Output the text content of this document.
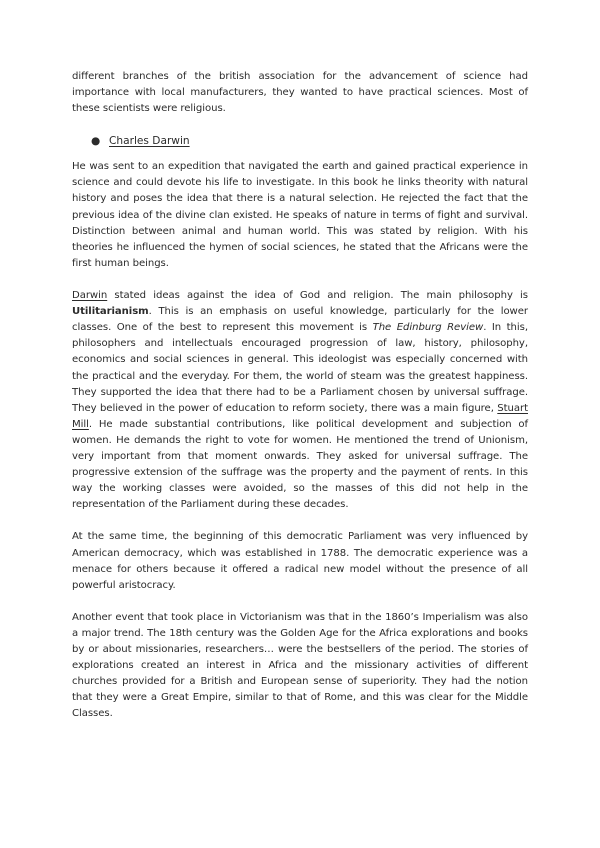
different branches of the british association for the advancement of science had importance with local manufacturers, they wanted to have practical sciences. Most of these scientists were religious.

● Charles Darwin

He was sent to an expedition that navigated the earth and gained practical experience in science and could devote his life to investigate. In this book he links theority with natural history and poses the idea that there is a natural selection. He rejected the fact that the previous idea of the divine clan existed. He speaks of nature in terms of fight and survival. Distinction between animal and human world. This was stated by religion. With his theories he influenced the hymen of social sciences, he stated that the Africans were the first human beings.

Darwin stated ideas against the idea of God and religion. The main philosophy is Utilitarianism. This is an emphasis on useful knowledge, particularly for the lower classes. One of the best to represent this movement is The Edinburg Review. In this, philosophers and intellectuals encouraged progression of law, history, philosophy, economics and social sciences in general. This ideologist was especially concerned with the practical and the everyday. For them, the world of steam was the greatest happiness. They supported the idea that there had to be a Parliament chosen by universal suffrage. They believed in the power of education to reform society, there was a main figure, Stuart Mill. He made substantial contributions, like political development and subjection of women. He demands the right to vote for women. He mentioned the trend of Unionism, very important from that moment onwards. They asked for universal suffrage. The progressive extension of the suffrage was the property and the payment of rents. In this way the working classes were avoided, so the masses of this did not help in the representation of the Parliament during these decades.

At the same time, the beginning of this democratic Parliament was very influenced by American democracy, which was established in 1788. The democratic experience was a menace for others because it offered a radical new model without the presence of all powerful aristocracy.

Another event that took place in Victorianism was that in the 1860’s Imperialism was also a major trend. The 18th century was the Golden Age for the Africa explorations and books by or about missionaries, researchers… were the bestsellers of the period. The stories of explorations created an interest in Africa and the missionary activities of different churches provided for a British and European sense of superiority. They had the notion that they were a Great Empire, similar to that of Rome, and this was clear for the Middle Classes.
